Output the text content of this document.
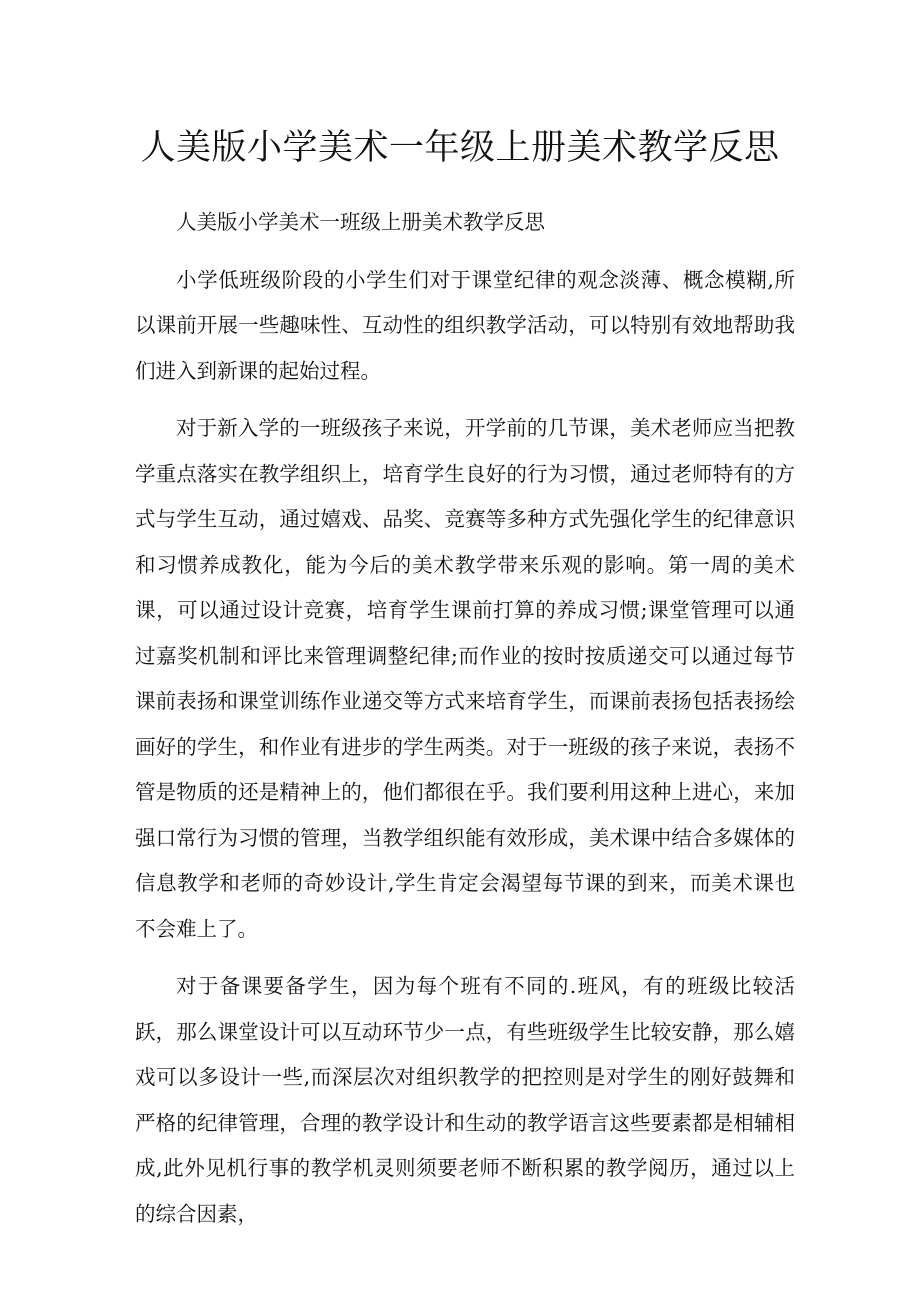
人美版小学美术一年级上册美术教学反思

人美版小学美术一班级上册美术教学反思

小学低班级阶段的小学生们对于课堂纪律的观念淡薄、概念模糊,所以课前开展一些趣味性、互动性的组织教学活动，可以特别有效地帮助我们进入到新课的起始过程。

对于新入学的一班级孩子来说，开学前的几节课，美术老师应当把教学重点落实在教学组织上，培育学生良好的行为习惯，通过老师特有的方式与学生互动，通过嬉戏、品奖、竞赛等多种方式先强化学生的纪律意识和习惯养成教化，能为今后的美术教学带来乐观的影响。第一周的美术课，可以通过设计竞赛，培育学生课前打算的养成习惯;课堂管理可以通过嘉奖机制和评比来管理调整纪律;而作业的按时按质递交可以通过每节课前表扬和课堂训练作业递交等方式来培育学生，而课前表扬包括表扬绘画好的学生，和作业有进步的学生两类。对于一班级的孩子来说，表扬不管是物质的还是精神上的，他们都很在乎。我们要利用这种上进心，来加强口常行为习惯的管理，当教学组织能有效形成，美术课中结合多媒体的信息教学和老师的奇妙设计,学生肯定会渴望每节课的到来，而美术课也不会难上了。

对于备课要备学生，因为每个班有不同的.班风，有的班级比较活跃，那么课堂设计可以互动环节少一点，有些班级学生比较安静，那么嬉戏可以多设计一些,而深层次对组织教学的把控则是对学生的刚好鼓舞和严格的纪律管理，合理的教学设计和生动的教学语言这些要素都是相辅相成,此外见机行事的教学机灵则须要老师不断积累的教学阅历，通过以上的综合因素，
